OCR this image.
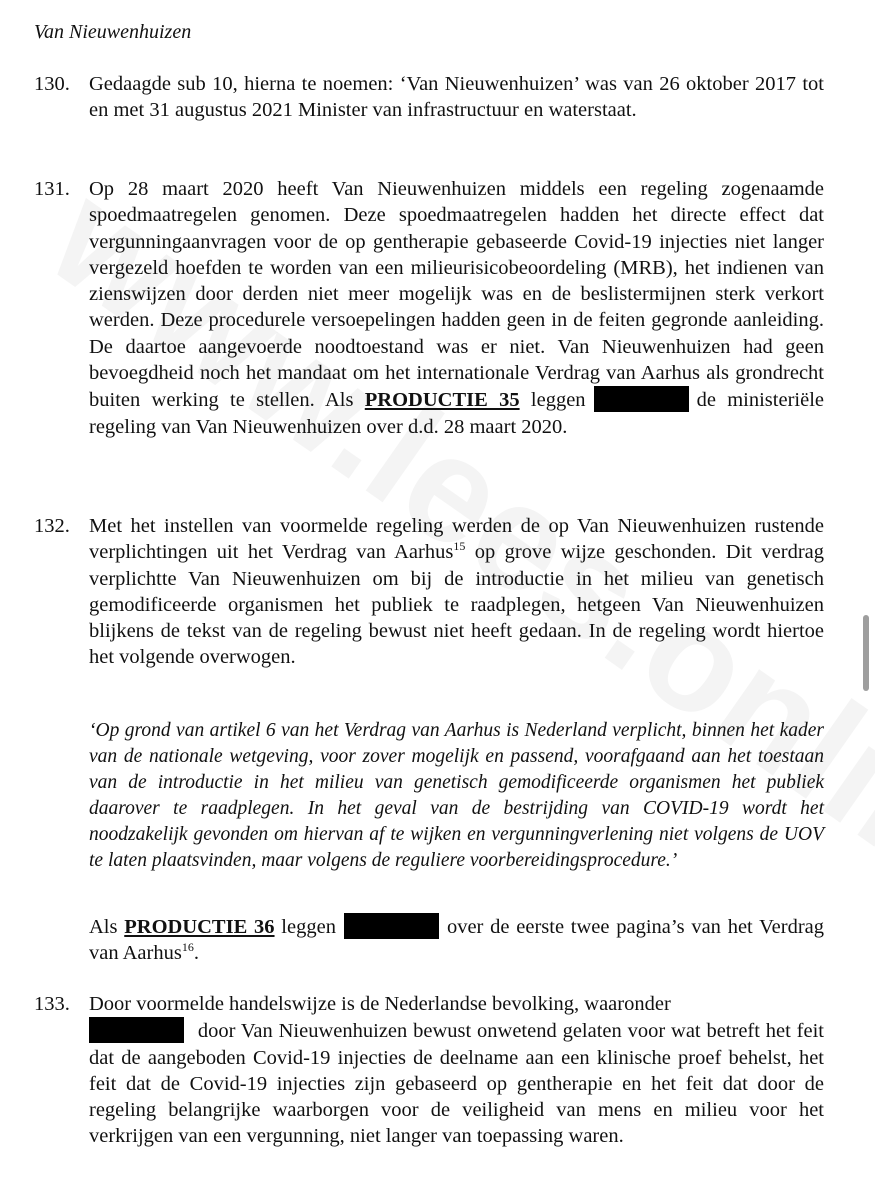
Van Nieuwenhuizen
130. Gedaagde sub 10, hierna te noemen: ‘Van Nieuwenhuizen’ was van 26 oktober 2017 tot en met 31 augustus 2021 Minister van infrastructuur en waterstaat.
131. Op 28 maart 2020 heeft Van Nieuwenhuizen middels een regeling zogenaamde spoedmaatregelen genomen. Deze spoedmaatregelen hadden het directe effect dat vergunningaanvragen voor de op gentherapie gebaseerde Covid-19 injecties niet langer vergezeld hoefden te worden van een milieurisicobeoordeling (MRB), het indienen van zienswijzen door derden niet meer mogelijk was en de beslistermijnen sterk verkort werden. Deze procedurele versoepelingen hadden geen in de feiten gegronde aanleiding. De daartoe aangevoerde noodtoestand was er niet. Van Nieuwenhuizen had geen bevoegdheid noch het mandaat om het internationale Verdrag van Aarhus als grondrecht buiten werking te stellen. Als PRODUCTIE 35 leggen	de ministeriële regeling van Van Nieuwenhuizen over d.d. 28 maart 2020.
132. Met het instellen van voormelde regeling werden de op Van Nieuwenhuizen rustende verplichtingen uit het Verdrag van Aarhus$^{15}$ op grove wijze geschonden. Dit verdrag verplichtte Van Nieuwenhuizen om bij de introductie in het milieu van genetisch gemodificeerde organismen het publiek te raadplegen, hetgeen Van Nieuwenhuizen blijkens de tekst van de regeling bewust niet heeft gedaan. In de regeling wordt hiertoe het volgende overwogen.
‘Op grond van artikel 6 van het Verdrag van Aarhus is Nederland verplicht, binnen het kader van de nationale wetgeving, voor zover mogelijk en passend, voorafgaand aan het toestaan van de introductie in het milieu van genetisch gemodificeerde organismen het publiek daarover te raadplegen. In het geval van de bestrijding van COVID-19 wordt het noodzakelijk gevonden om hiervan af te wijken en vergunningverlening niet volgens de UOV te laten plaatsvinden, maar volgens de reguliere voorbereidingsprocedure.’
Als PRODUCTIE 36 leggen	over de eerste twee pagina’s van het Verdrag van Aarhus$^{16}$.
133. Door voormelde handelswijze is de Nederlandse bevolking, waaronder
door Van Nieuwenhuizen bewust onwetend gelaten voor wat betreft het feit dat de aangeboden Covid-19 injecties de deelname aan een klinische proef behelst, het feit dat de Covid-19 injecties zijn gebaseerd op gentherapie en het feit dat door de regeling belangrijke waarborgen voor de veiligheid van mens en milieu voor het verkrijgen van een vergunning, niet langer van toepassing waren.
